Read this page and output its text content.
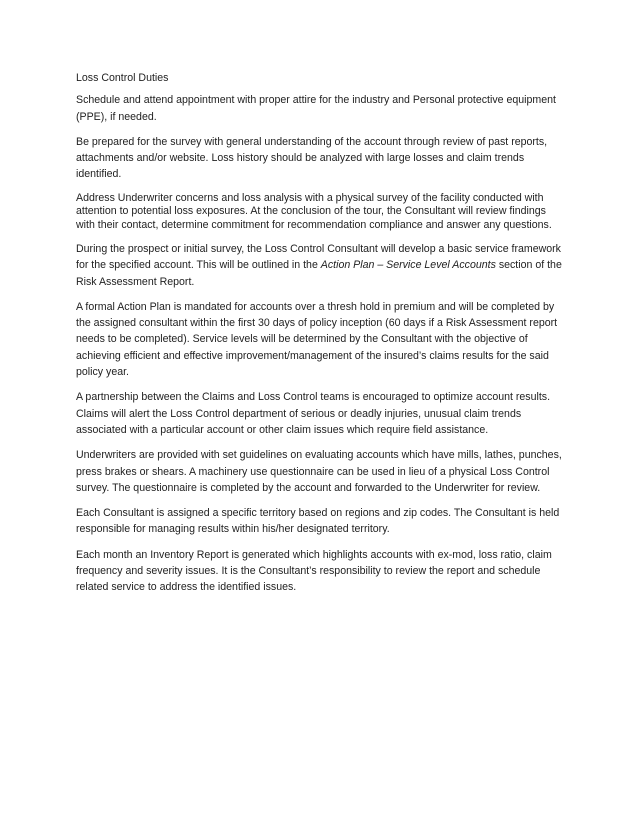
Loss Control Duties

Schedule and attend appointment with proper attire for the industry and Personal protective equipment (PPE), if needed.

Be prepared for the survey with general understanding of the account through review of past reports, attachments and/or website. Loss history should be analyzed with large losses and claim trends identified.

Address Underwriter concerns and loss analysis with a physical survey of the facility conducted with attention to potential loss exposures. At the conclusion of the tour, the Consultant will review findings with their contact, determine commitment for recommendation compliance and answer any questions.

During the prospect or initial survey, the Loss Control Consultant will develop a basic service framework for the specified account. This will be outlined in the Action Plan – Service Level Accounts section of the Risk Assessment Report.

A formal Action Plan is mandated for accounts over a thresh hold in premium and will be completed by the assigned consultant within the first 30 days of policy inception (60 days if a Risk Assessment report needs to be completed). Service levels will be determined by the Consultant with the objective of achieving efficient and effective improvement/management of the insured’s claims results for the said policy year.

A partnership between the Claims and Loss Control teams is encouraged to optimize account results. Claims will alert the Loss Control department of serious or deadly injuries, unusual claim trends associated with a particular account or other claim issues which require field assistance.

Underwriters are provided with set guidelines on evaluating accounts which have mills, lathes, punches, press brakes or shears. A machinery use questionnaire can be used in lieu of a physical Loss Control survey. The questionnaire is completed by the account and forwarded to the Underwriter for review.

Each Consultant is assigned a specific territory based on regions and zip codes. The Consultant is held responsible for managing results within his/her designated territory.

Each month an Inventory Report is generated which highlights accounts with ex-mod, loss ratio, claim frequency and severity issues. It is the Consultant’s responsibility to review the report and schedule related service to address the identified issues.
